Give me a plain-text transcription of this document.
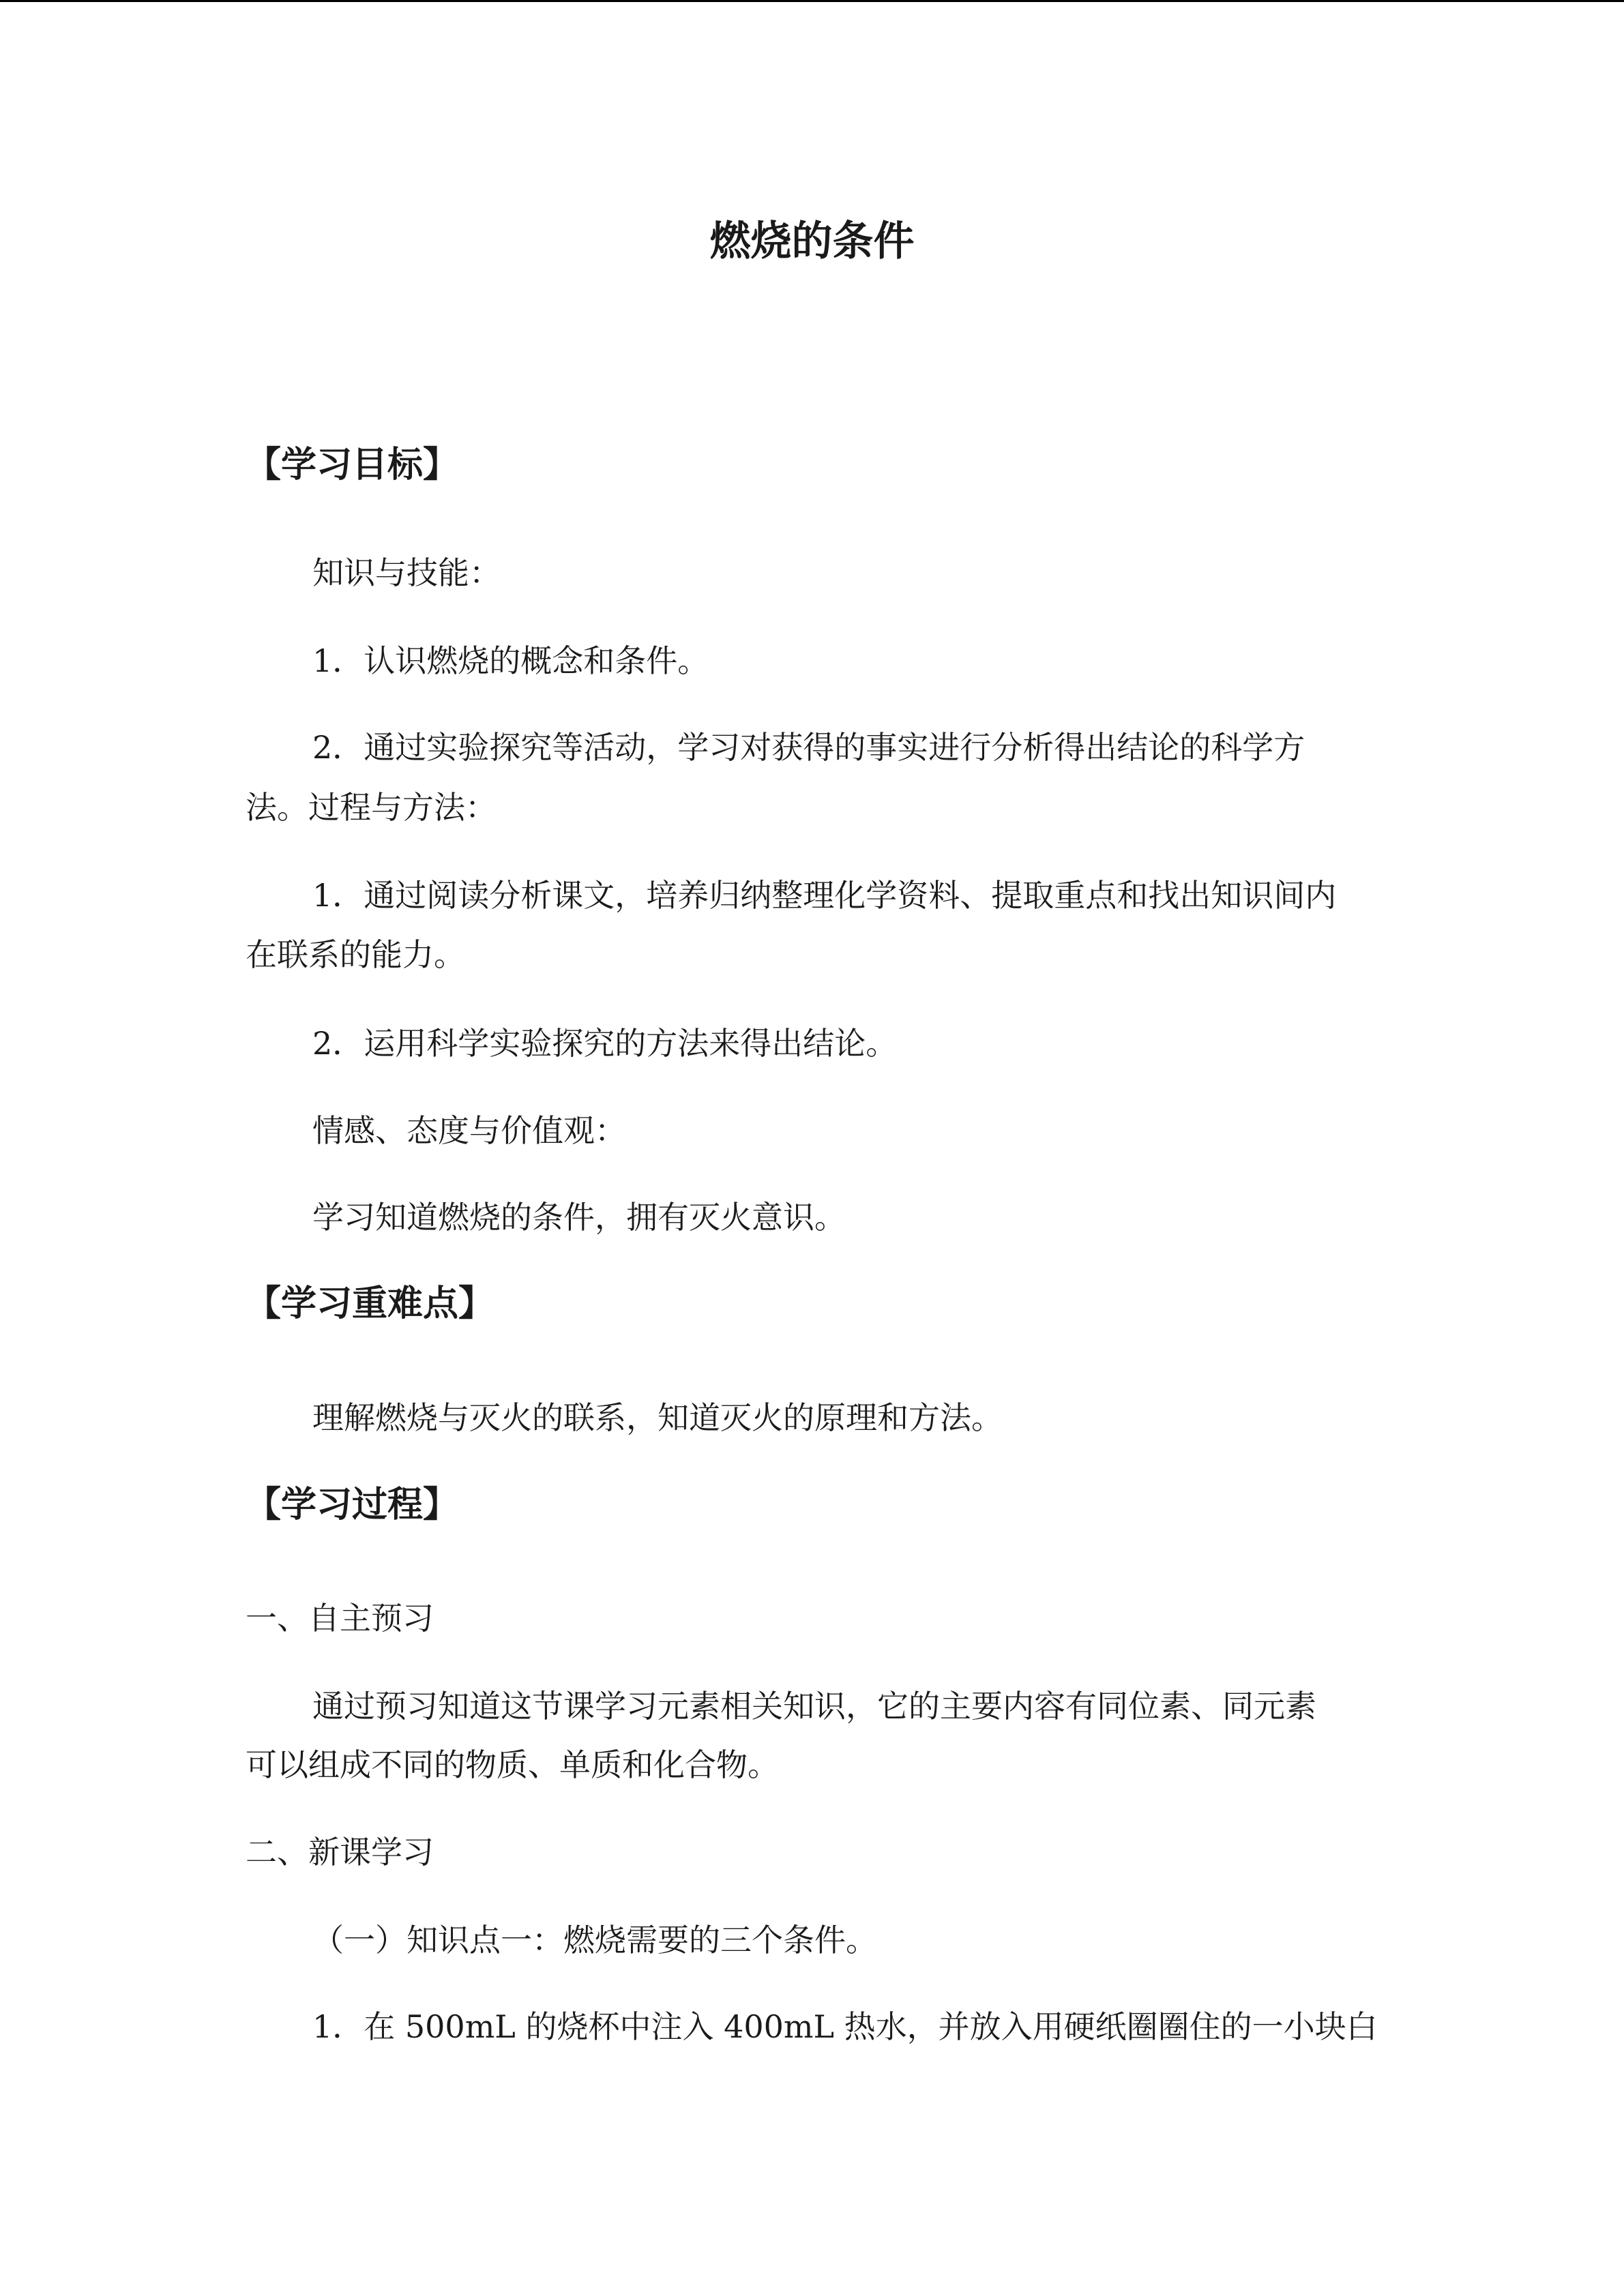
燃烧的条件
【学习目标】
知识与技能：
1．认识燃烧的概念和条件。
2．通过实验探究等活动，学习对获得的事实进行分析得出结论的科学方
法。过程与方法：
1．通过阅读分析课文，培养归纳整理化学资料、提取重点和找出知识间内
在联系的能力。
2．运用科学实验探究的方法来得出结论。
情感、态度与价值观：
学习知道燃烧的条件，拥有灭火意识。
【学习重难点】
理解燃烧与灭火的联系，知道灭火的原理和方法。
【学习过程】
一、自主预习
通过预习知道这节课学习元素相关知识，它的主要内容有同位素、同元素
可以组成不同的物质、单质和化合物。
二、新课学习
（一）知识点一：燃烧需要的三个条件。
1．在 500mL 的烧杯中注入 400mL 热水，并放入用硬纸圈圈住的一小块白
